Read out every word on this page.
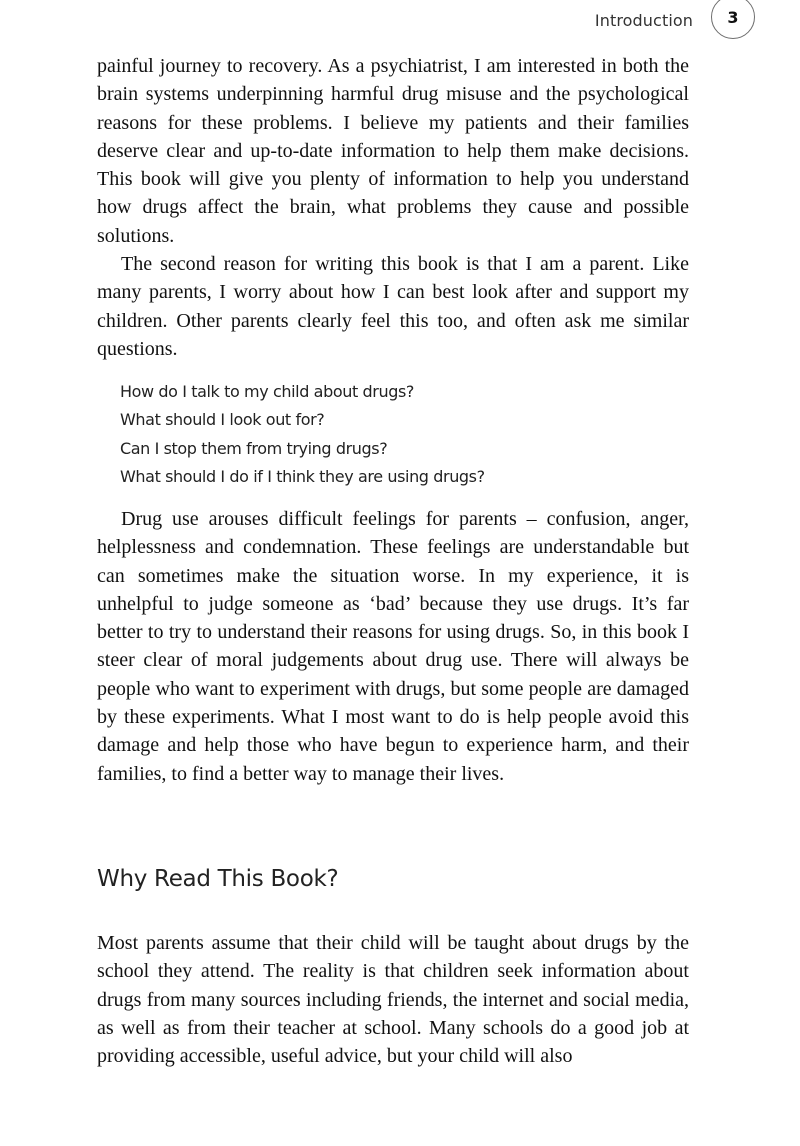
Introduction	3

painful journey to recovery. As a psychiatrist, I am interested in both the brain systems underpinning harmful drug misuse and the psychological reasons for these problems. I believe my patients and their families deserve clear and up-to-date information to help them make decisions. This book will give you plenty of information to help you understand how drugs affect the brain, what problems they cause and possible solutions.

The second reason for writing this book is that I am a parent. Like many parents, I worry about how I can best look after and support my children. Other parents clearly feel this too, and often ask me similar questions.

How do I talk to my child about drugs?
What should I look out for?
Can I stop them from trying drugs?
What should I do if I think they are using drugs?

Drug use arouses difficult feelings for parents – confusion, anger, helplessness and condemnation. These feelings are understandable but can sometimes make the situation worse. In my experience, it is unhelpful to judge someone as ‘bad’ because they use drugs. It’s far better to try to understand their reasons for using drugs. So, in this book I steer clear of moral judgements about drug use. There will always be people who want to experiment with drugs, but some people are damaged by these experiments. What I most want to do is help people avoid this damage and help those who have begun to experience harm, and their families, to find a better way to manage their lives.

Why Read This Book?

Most parents assume that their child will be taught about drugs by the school they attend. The reality is that children seek information about drugs from many sources including friends, the internet and social media, as well as from their teacher at school. Many schools do a good job at providing accessible, useful advice, but your child will also
